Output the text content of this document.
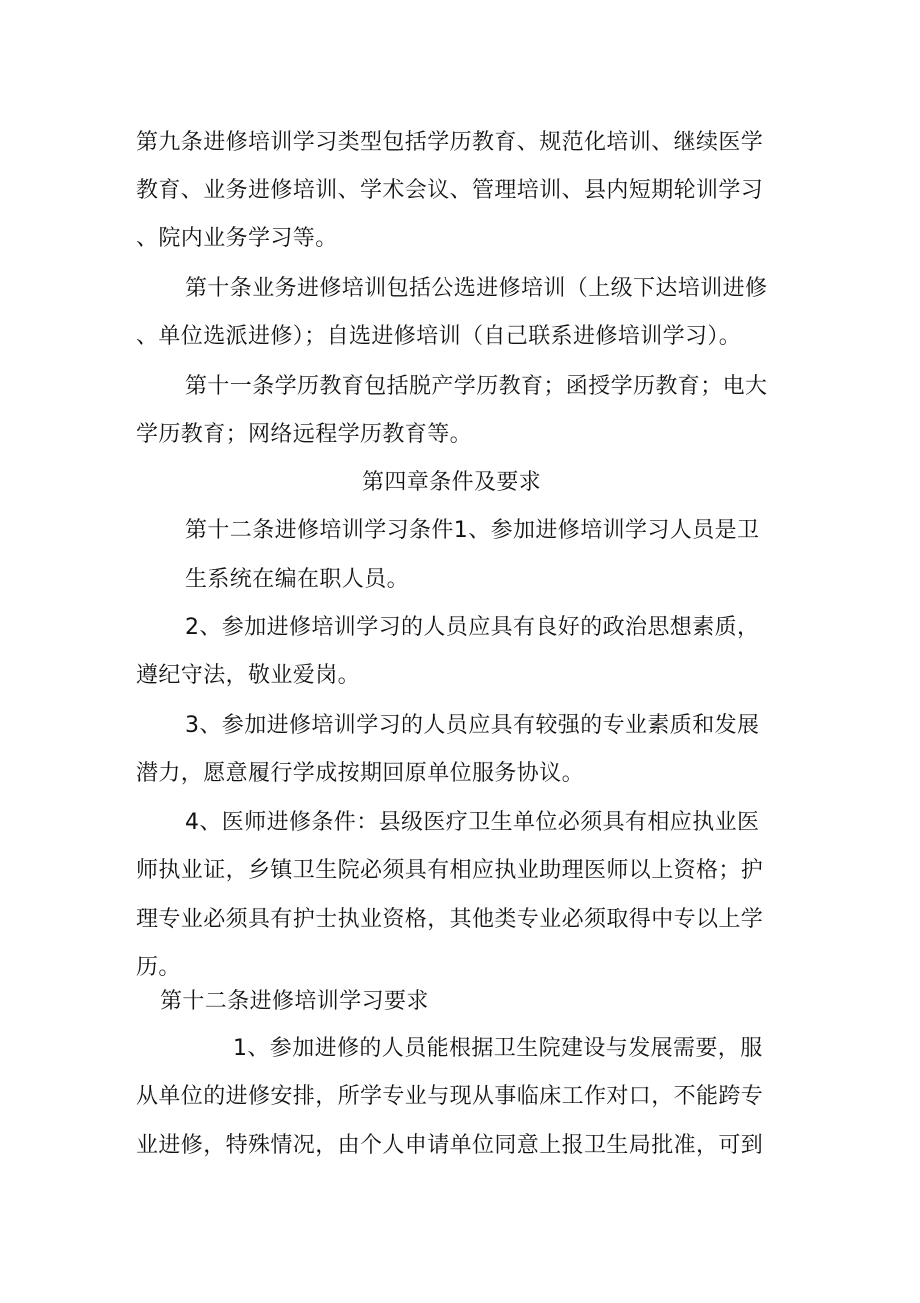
第九条进修培训学习类型包括学历教育、规范化培训、继续医学
教育、业务进修培训、学术会议、管理培训、县内短期轮训学习
、院内业务学习等。
第十条业务进修培训包括公选进修培训（上级下达培训进修
、单位选派进修）；自选进修培训（自己联系进修培训学习）。
第十一条学历教育包括脱产学历教育；函授学历教育；电大
学历教育；网络远程学历教育等。
第四章条件及要求
第十二条进修培训学习条件1、参加进修培训学习人员是卫
生系统在编在职人员。
2、参加进修培训学习的人员应具有良好的政治思想素质，
遵纪守法，敬业爱岗。
3、参加进修培训学习的人员应具有较强的专业素质和发展
潜力，愿意履行学成按期回原单位服务协议。
4、医师进修条件：县级医疗卫生单位必须具有相应执业医
师执业证，乡镇卫生院必须具有相应执业助理医师以上资格；护
理专业必须具有护士执业资格，其他类专业必须取得中专以上学
历。
第十二条进修培训学习要求
1、参加进修的人员能根据卫生院建设与发展需要，服
从单位的进修安排，所学专业与现从事临床工作对口，不能跨专
业进修，特殊情况，由个人申请单位同意上报卫生局批准，可到
